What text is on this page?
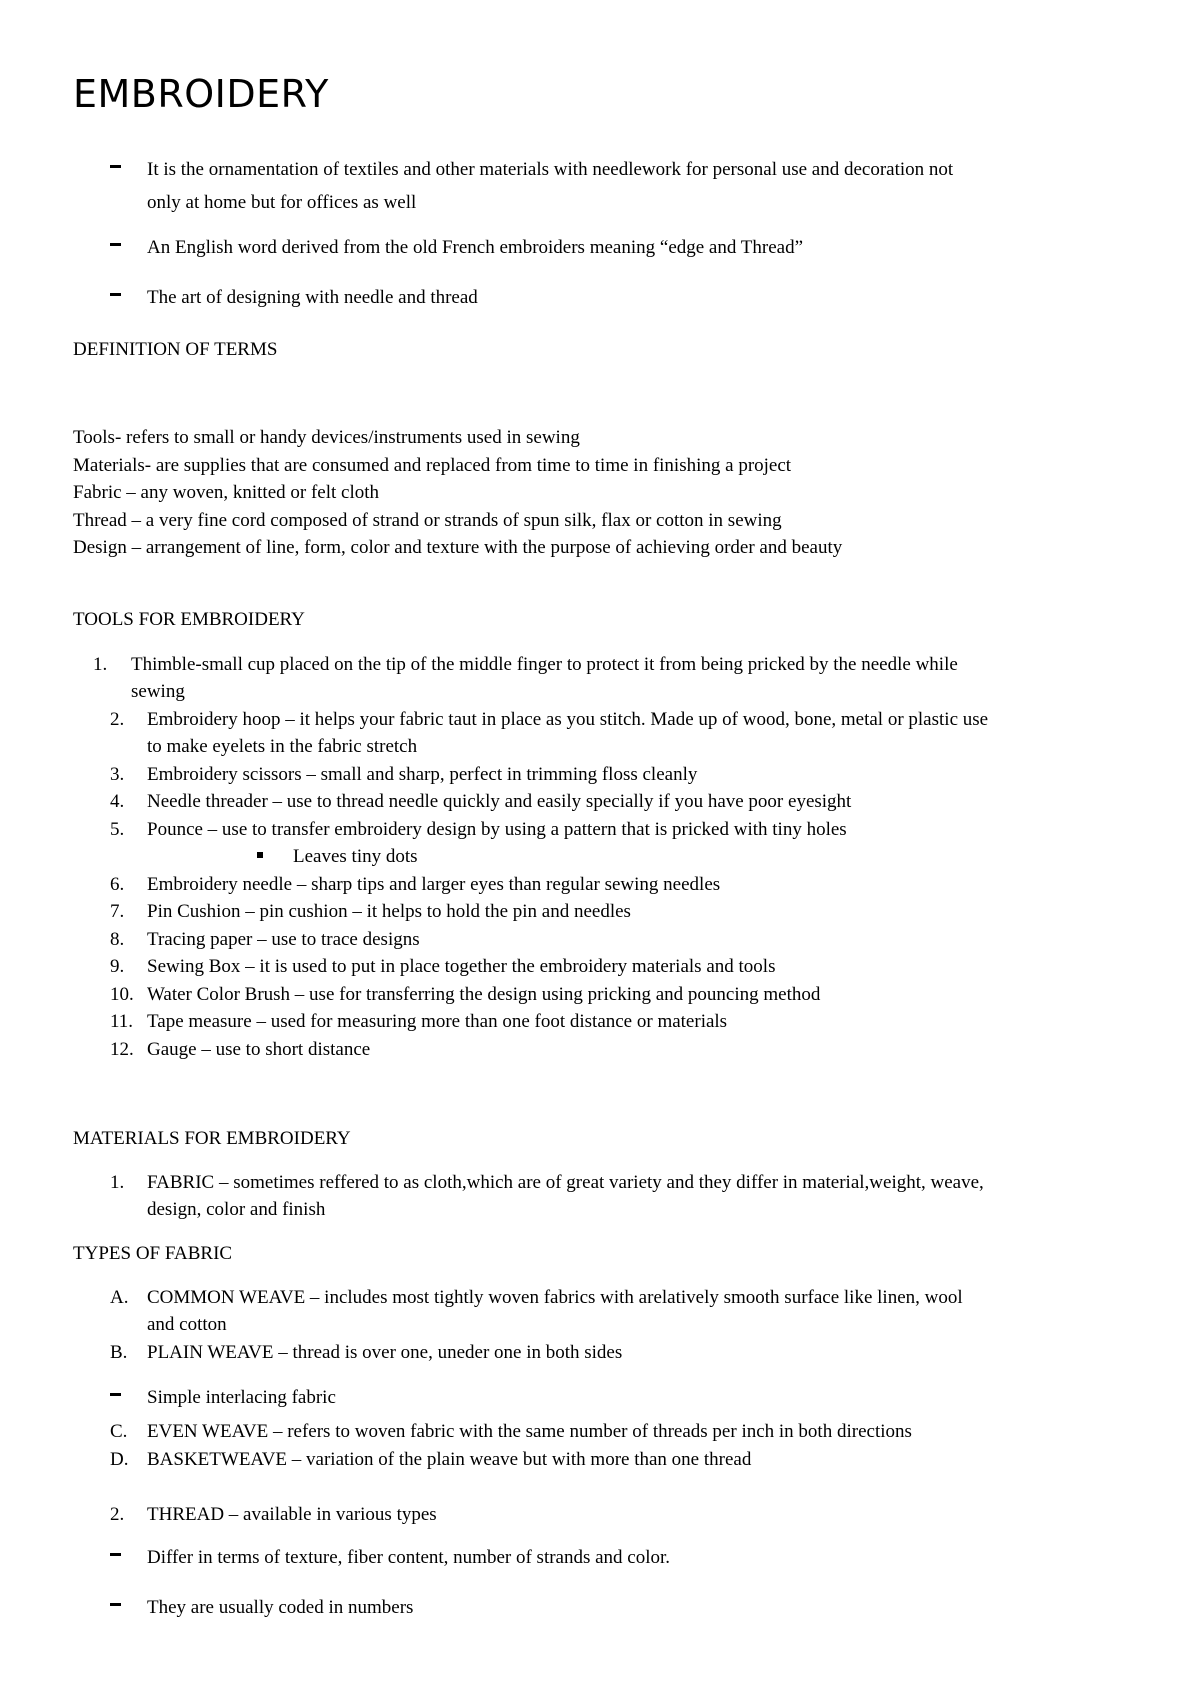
EMBROIDERY

It is the ornamentation of textiles and other materials with needlework for personal use and decoration not

only at home but for offices as well

An English word derived from the old French embroiders meaning “edge and Thread”

The art of designing with needle and thread

DEFINITION OF TERMS

Tools- refers to small or handy devices/instruments used in sewing

Materials- are supplies that are consumed and replaced from time to time in finishing a project

Fabric – any woven, knitted or felt cloth

Thread – a very fine cord composed of strand or strands of spun silk, flax or cotton in sewing

Design – arrangement of line, form, color and texture with the purpose of achieving order and beauty

TOOLS FOR EMBROIDERY

1. Thimble-small cup placed on the tip of the middle finger to protect it from being pricked by the needle while

sewing

2. Embroidery hoop – it helps your fabric taut in place as you stitch. Made up of wood, bone, metal or plastic use

to make eyelets in the fabric stretch

3. Embroidery scissors – small and sharp, perfect in trimming floss cleanly

4. Needle threader – use to thread needle quickly and easily specially if you have poor eyesight

5. Pounce – use to transfer embroidery design by using a pattern that is pricked with tiny holes

Leaves tiny dots

6. Embroidery needle – sharp tips and larger eyes than regular sewing needles

7. Pin Cushion – pin cushion – it helps to hold the pin and needles

8. Tracing paper – use to trace designs

9. Sewing Box – it is used to put in place together the embroidery materials and tools

10. Water Color Brush – use for transferring the design using pricking and pouncing method

11. Tape measure – used for measuring more than one foot distance or materials

12. Gauge – use to short distance

MATERIALS FOR EMBROIDERY

1. FABRIC – sometimes reffered to as cloth,which are of great variety and they differ in material,weight, weave,

design, color and finish

TYPES OF FABRIC

A. COMMON WEAVE – includes most tightly woven fabrics with arelatively smooth surface like linen, wool

and cotton

B. PLAIN WEAVE – thread is over one, uneder one in both sides

Simple interlacing fabric

C. EVEN WEAVE – refers to woven fabric with the same number of threads per inch in both directions

D. BASKETWEAVE – variation of the plain weave but with more than one thread

2. THREAD – available in various types

Differ in terms of texture, fiber content, number of strands and color.

They are usually coded in numbers
